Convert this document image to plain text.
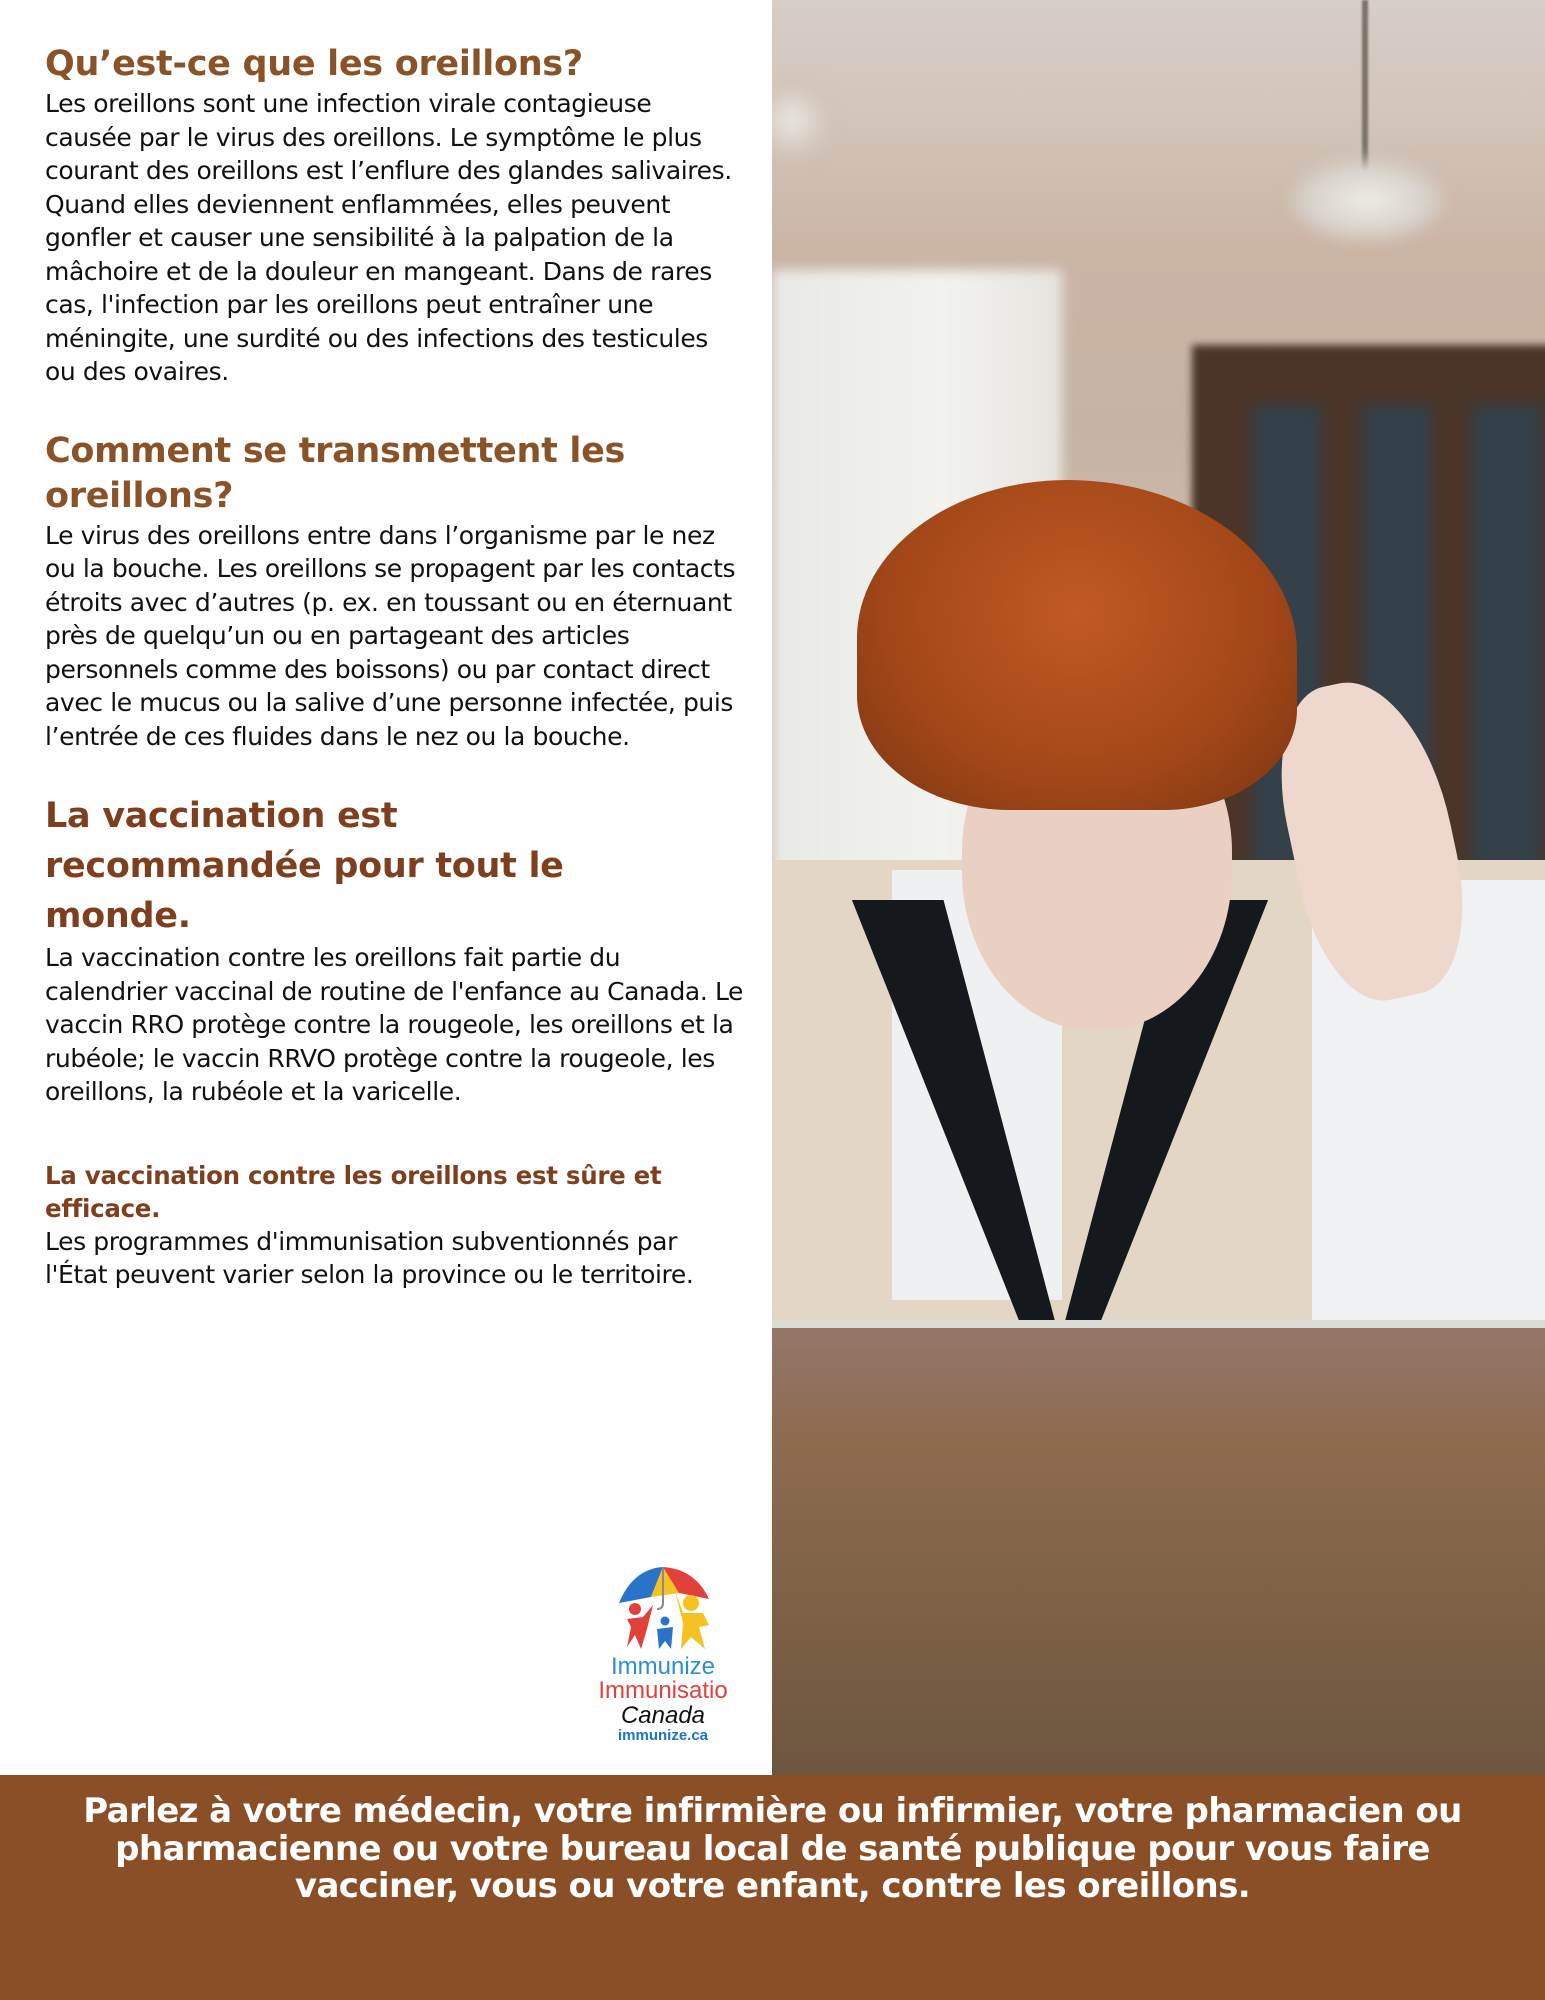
Qu’est-ce que les oreillons?

Les oreillons sont une infection virale contagieuse causée par le virus des oreillons. Le symptôme le plus courant des oreillons est l’enflure des glandes salivaires. Quand elles deviennent enflammées, elles peuvent gonfler et causer une sensibilité à la palpation de la mâchoire et de la douleur en mangeant. Dans de rares cas, l'infection par les oreillons peut entraîner une méningite, une surdité ou des infections des testicules ou des ovaires.

Comment se transmettent les oreillons?

Le virus des oreillons entre dans l’organisme par le nez ou la bouche. Les oreillons se propagent par les contacts étroits avec d’autres (p. ex. en toussant ou en éternuant près de quelqu’un ou en partageant des articles personnels comme des boissons) ou par contact direct avec le mucus ou la salive d’une personne infectée, puis l’entrée de ces fluides dans le nez ou la bouche.

La vaccination est recommandée pour tout le monde.

La vaccination contre les oreillons fait partie du calendrier vaccinal de routine de l'enfance au Canada. Le vaccin RRO protège contre la rougeole, les oreillons et la rubéole; le vaccin RRVO protège contre la rougeole, les oreillons, la rubéole et la varicelle.

La vaccination contre les oreillons est sûre et efficace.

Les programmes d'immunisation subventionnés par l'État peuvent varier selon la province ou le territoire.

Immunize
Immunisatio
Canada
immunize.ca

Parlez à votre médecin, votre infirmière ou infirmier, votre pharmacien ou pharmacienne ou votre bureau local de santé publique pour vous faire vacciner, vous ou votre enfant, contre les oreillons.
